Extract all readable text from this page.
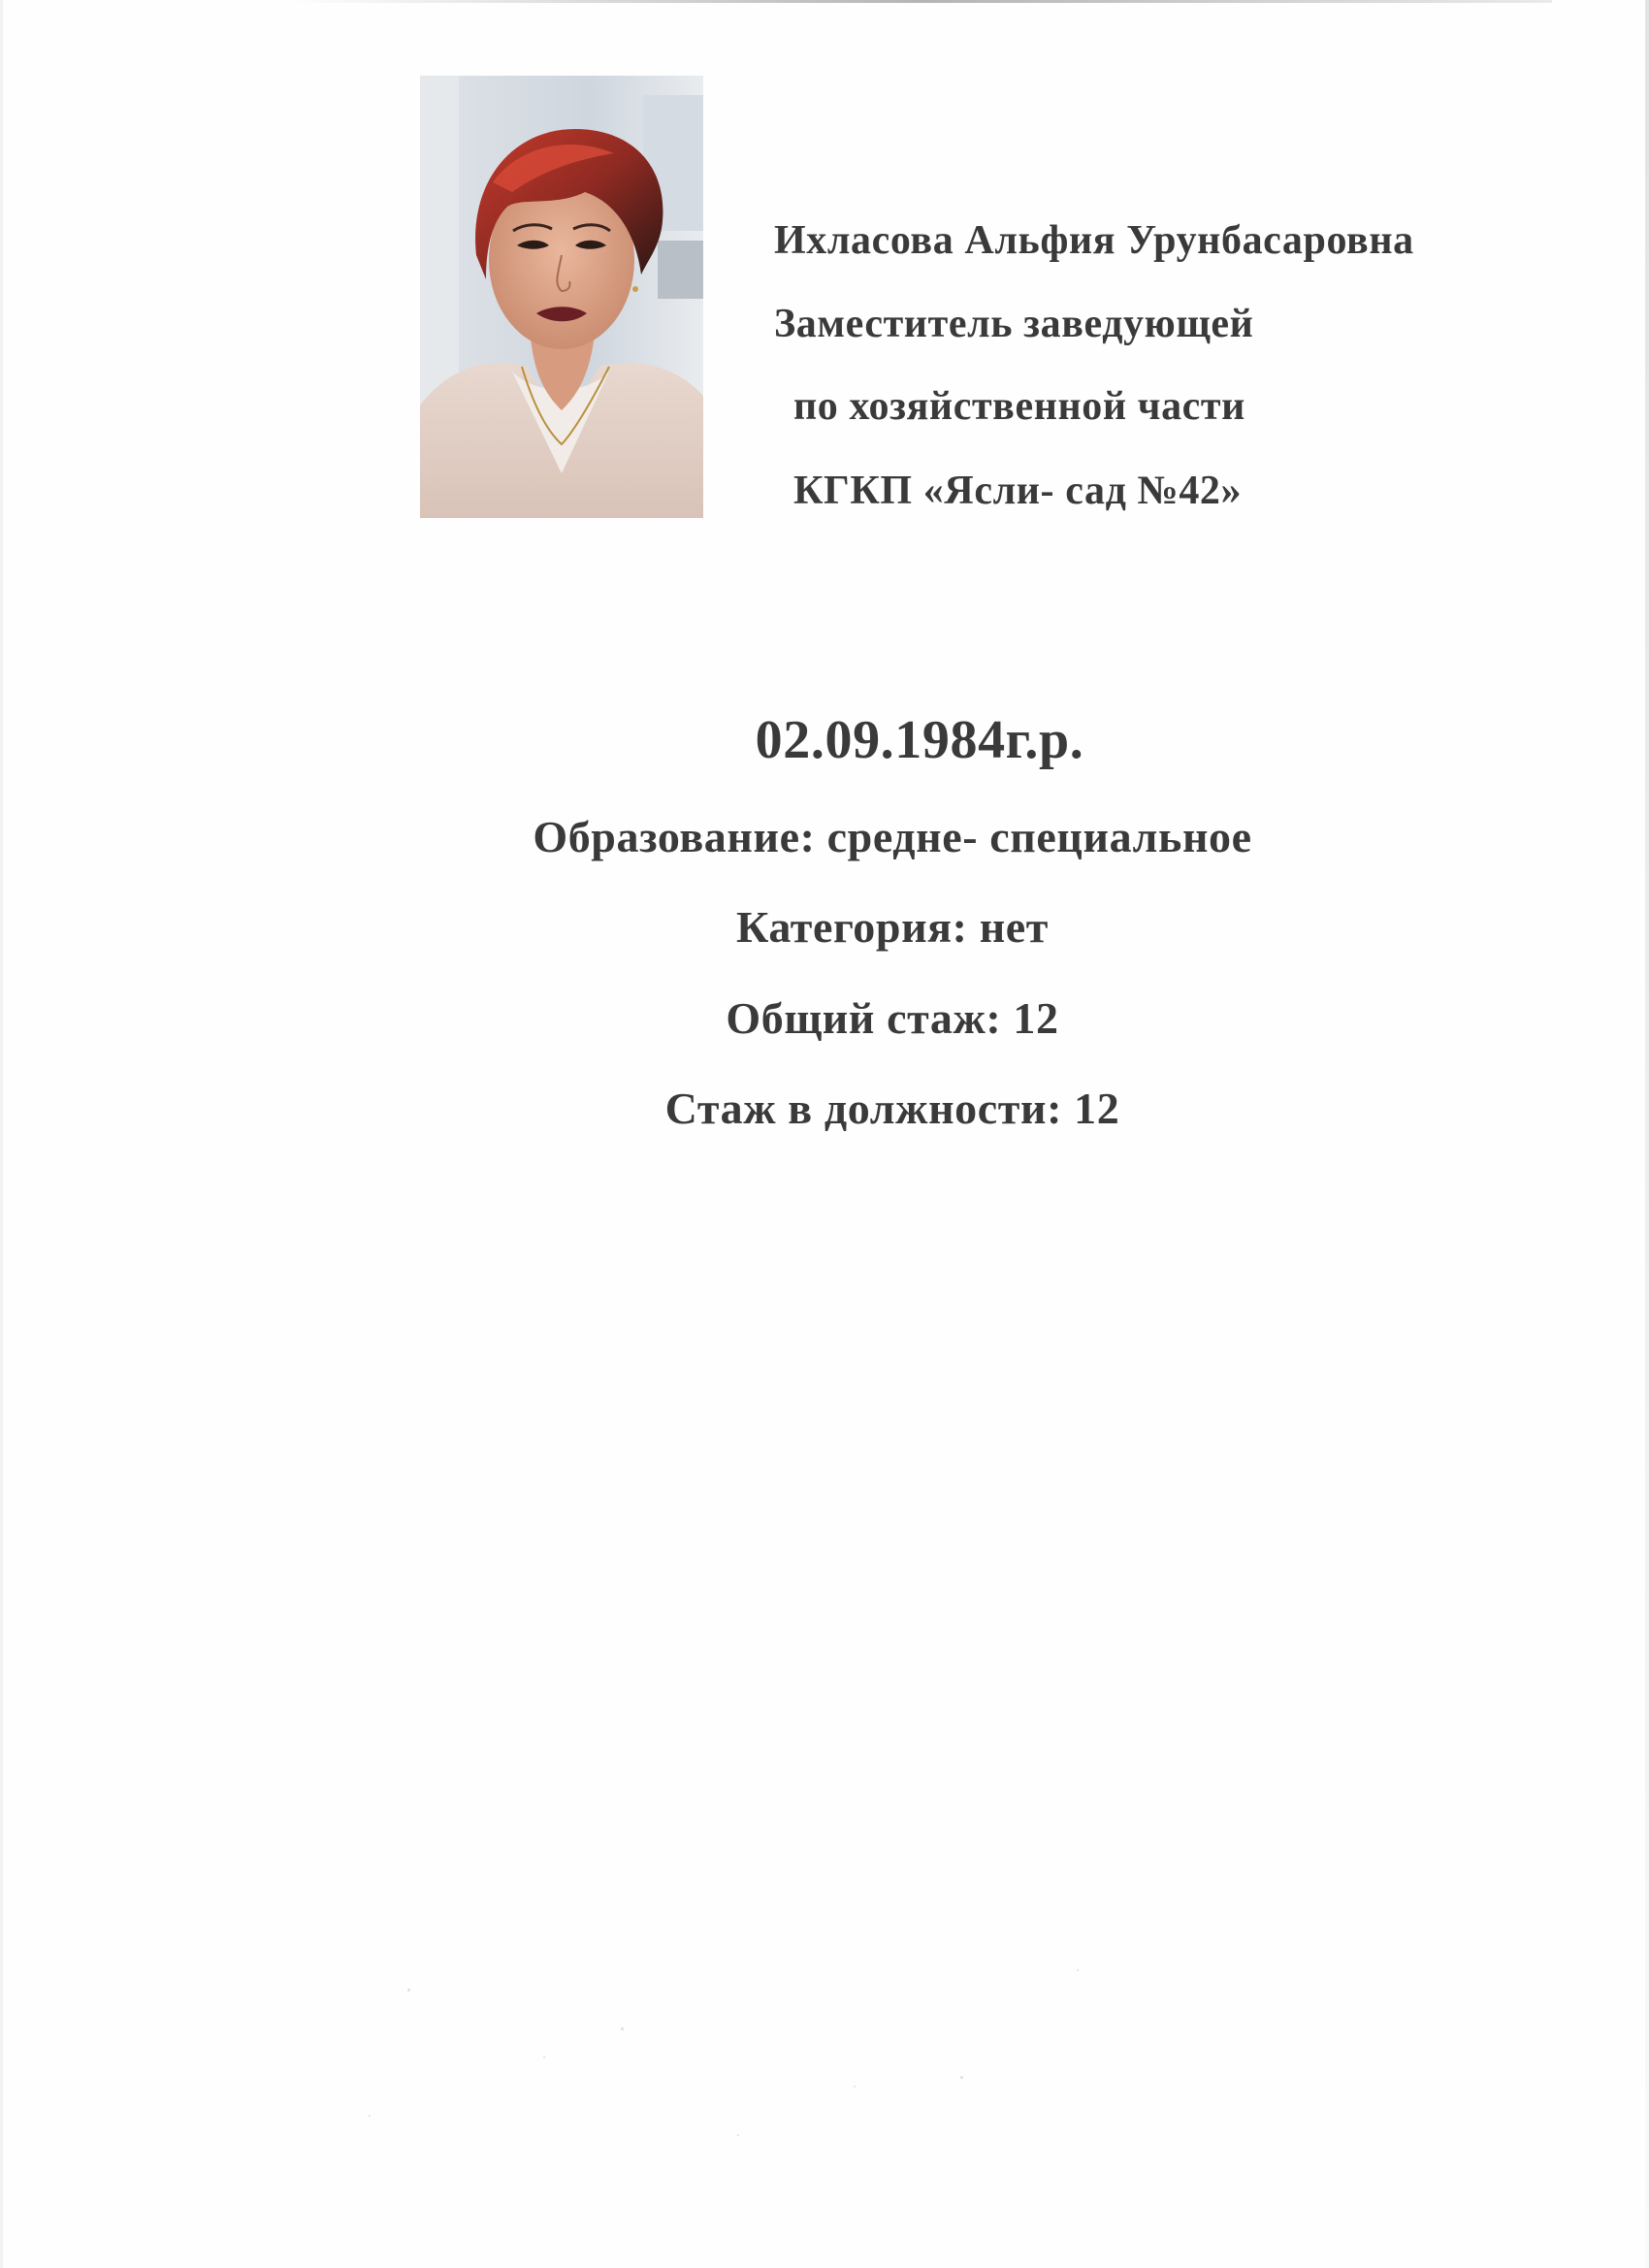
Ихласова Альфия Урунбасаровна
Заместитель заведующей
по хозяйственной части
КГКП «Ясли- сад №42»
02.09.1984г.р.
Образование: средне- специальное
Категория: нет
Общий стаж: 12
Стаж в должности: 12
